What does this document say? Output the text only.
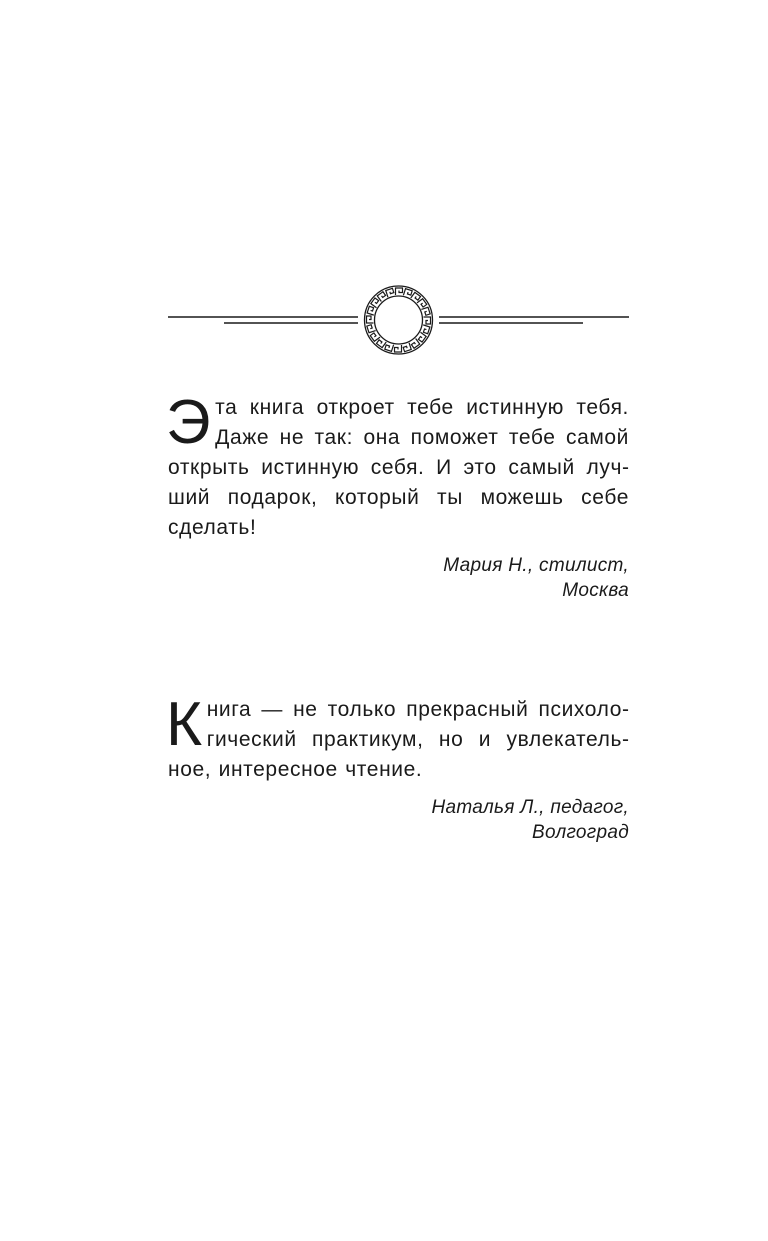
Эта книга откроет тебе истинную тебя. Даже не так: она поможет тебе самой открыть истинную себя. И это самый лучший подарок, который ты можешь себе сделать!

Мария Н., стилист,
Москва

Книга — не только прекрасный психологический практикум, но и увлекательное, интересное чтение.

Наталья Л., педагог,
Волгоград
